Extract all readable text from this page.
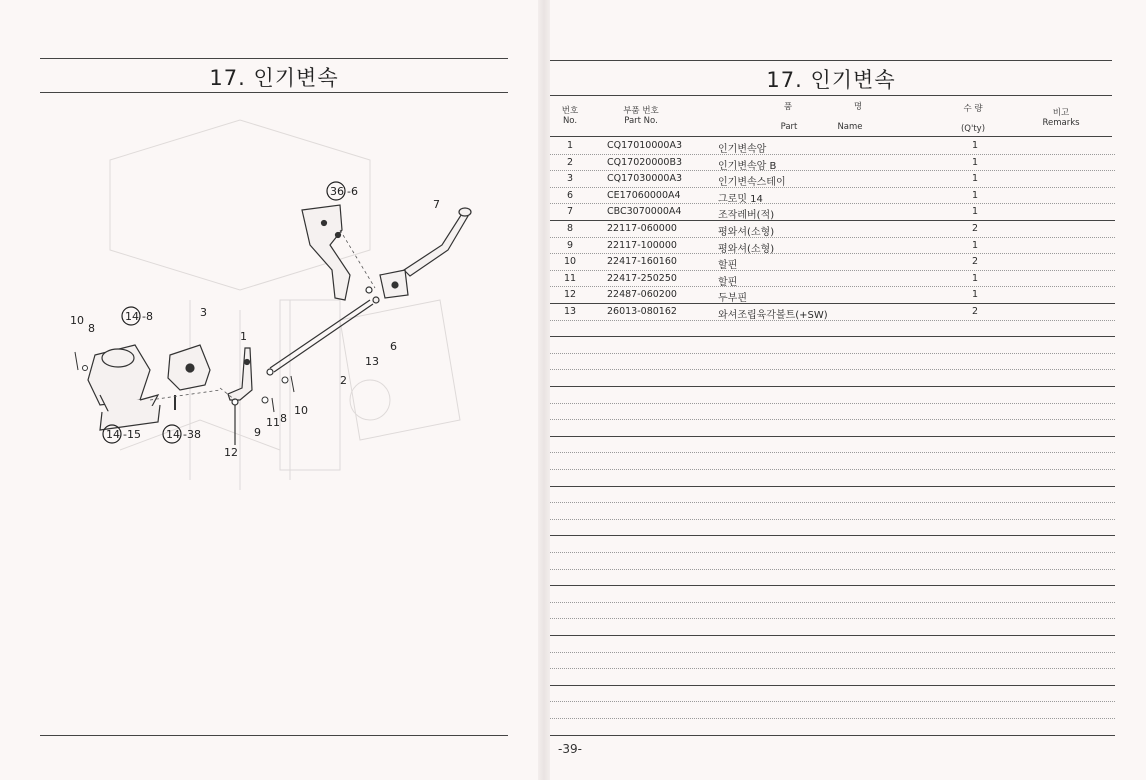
17. 인기변속
36 -6
7
10
8
14 -8	3
1
2
13
6
10
8
11
9
12
14 -15 14 -38
17. 인기변속
번호
No.
부품 번호
Part No.
품	명
Part	Name
수 량
(Q'ty)
비고
Remarks
1	CQ17010000A3	인기변속암	1
2	CQ17020000B3	인기변속암 B	1
3	CQ17030000A3	인기변속스테이	1
6	CE17060000A4	그로밋 14	1
7	CBC3070000A4	조작레버(적)	1
8	22117-060000	평와셔(소형)	2
9	22117-100000	평와셔(소형)	1
10	22417-160160	할핀	2
11	22417-250250	할핀	1
12	22487-060200	두부핀	1
13	26013-080162	와셔조립육각볼트(+SW)	2
-39-
